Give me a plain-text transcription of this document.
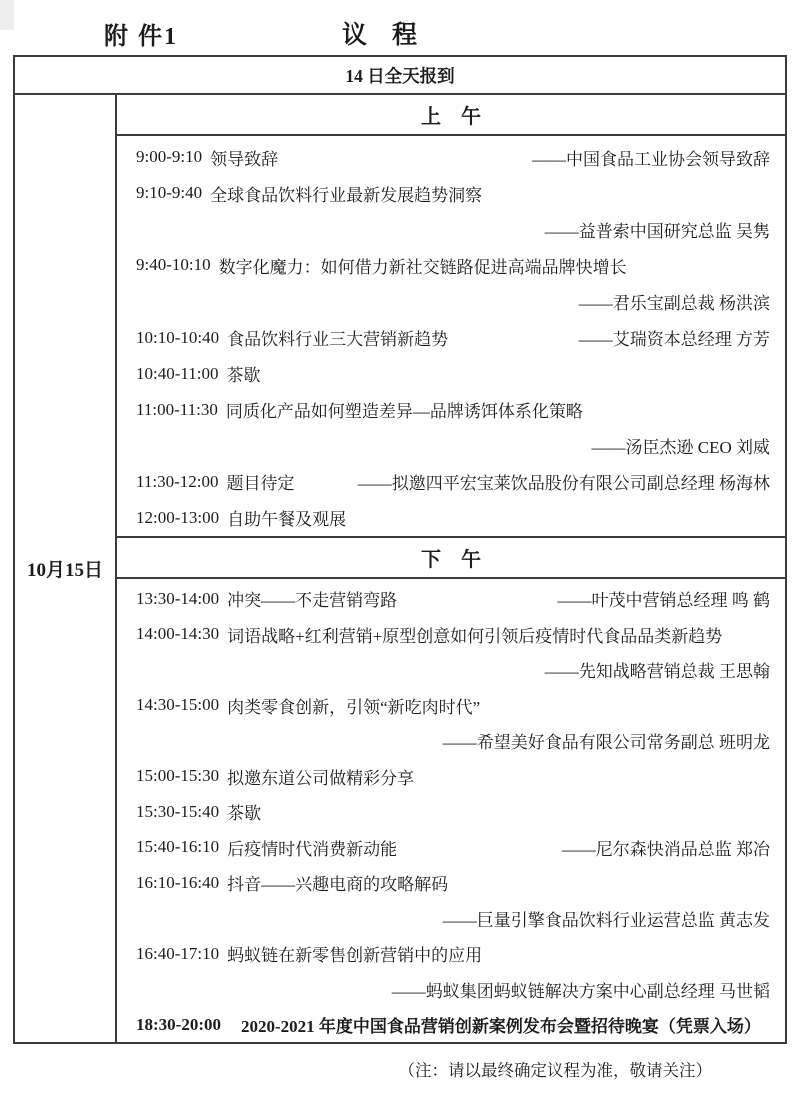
附 件1	议　程
14 日全天报到
10月15日
上　午
9:00-9:10 领导致辞	——中国食品工业协会领导致辞
9:10-9:40 全球食品饮料行业最新发展趋势洞察
——益普索中国研究总监 吴隽
9:40-10:10 数字化魔力：如何借力新社交链路促进高端品牌快增长
——君乐宝副总裁 杨洪滨
10:10-10:40 食品饮料行业三大营销新趋势	——艾瑞资本总经理 方芳
10:40-11:00 茶歇
11:00-11:30 同质化产品如何塑造差异—品牌诱饵体系化策略
——汤臣杰逊 CEO 刘威
11:30-12:00 题目待定	——拟邀四平宏宝莱饮品股份有限公司副总经理 杨海林
12:00-13:00 自助午餐及观展
下　午
13:30-14:00 冲突——不走营销弯路	——叶茂中营销总经理 鸣 鹤
14:00-14:30 词语战略+红利营销+原型创意如何引领后疫情时代食品品类新趋势
——先知战略营销总裁 王思翰
14:30-15:00 肉类零食创新，引领“新吃肉时代”
——希望美好食品有限公司常务副总 班明龙
15:00-15:30 拟邀东道公司做精彩分享
15:30-15:40 茶歇
15:40-16:10 后疫情时代消费新动能	——尼尔森快消品总监 郑冶
16:10-16:40 抖音——兴趣电商的攻略解码
——巨量引擎食品饮料行业运营总监 黄志发
16:40-17:10 蚂蚁链在新零售创新营销中的应用
——蚂蚁集团蚂蚁链解决方案中心副总经理 马世韬
18:30-20:00 2020-2021 年度中国食品营销创新案例发布会暨招待晚宴（凭票入场）
（注：请以最终确定议程为准，敬请关注）
